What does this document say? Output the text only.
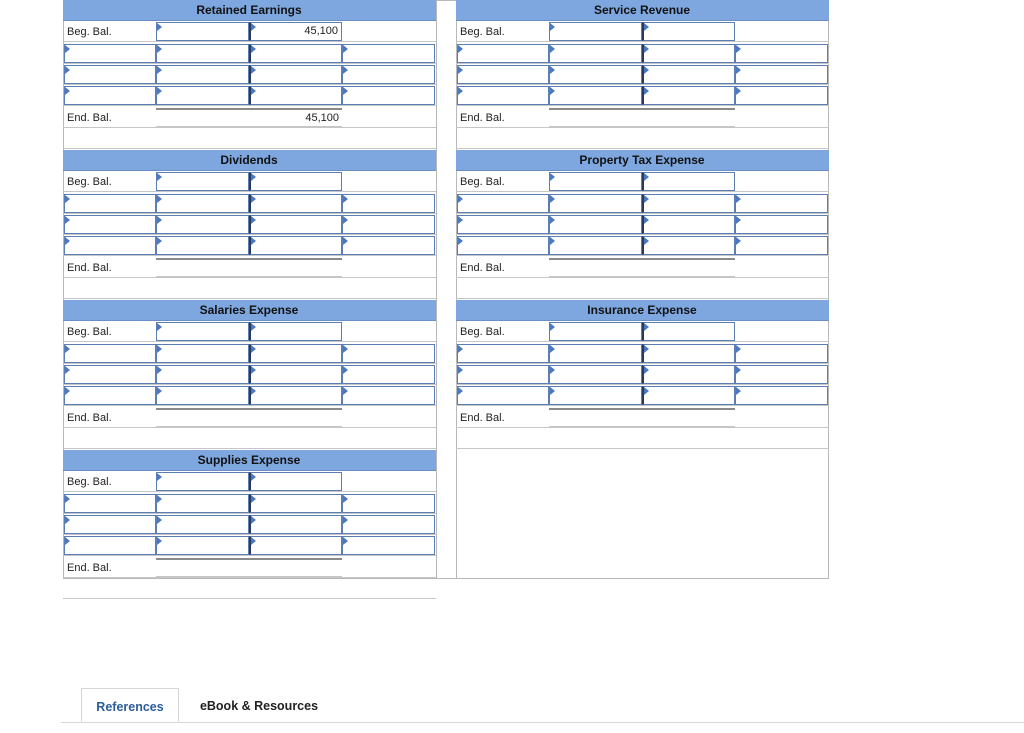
Retained Earnings
Beg. Bal.	45,100
End. Bal.	45,100
Service Revenue
Beg. Bal.
End. Bal.
Dividends
Beg. Bal.
End. Bal.
Property Tax Expense
Beg. Bal.
End. Bal.
Salaries Expense
Beg. Bal.
End. Bal.
Insurance Expense
Beg. Bal.
End. Bal.
Supplies Expense
Beg. Bal.
End. Bal.
References	eBook & Resources
